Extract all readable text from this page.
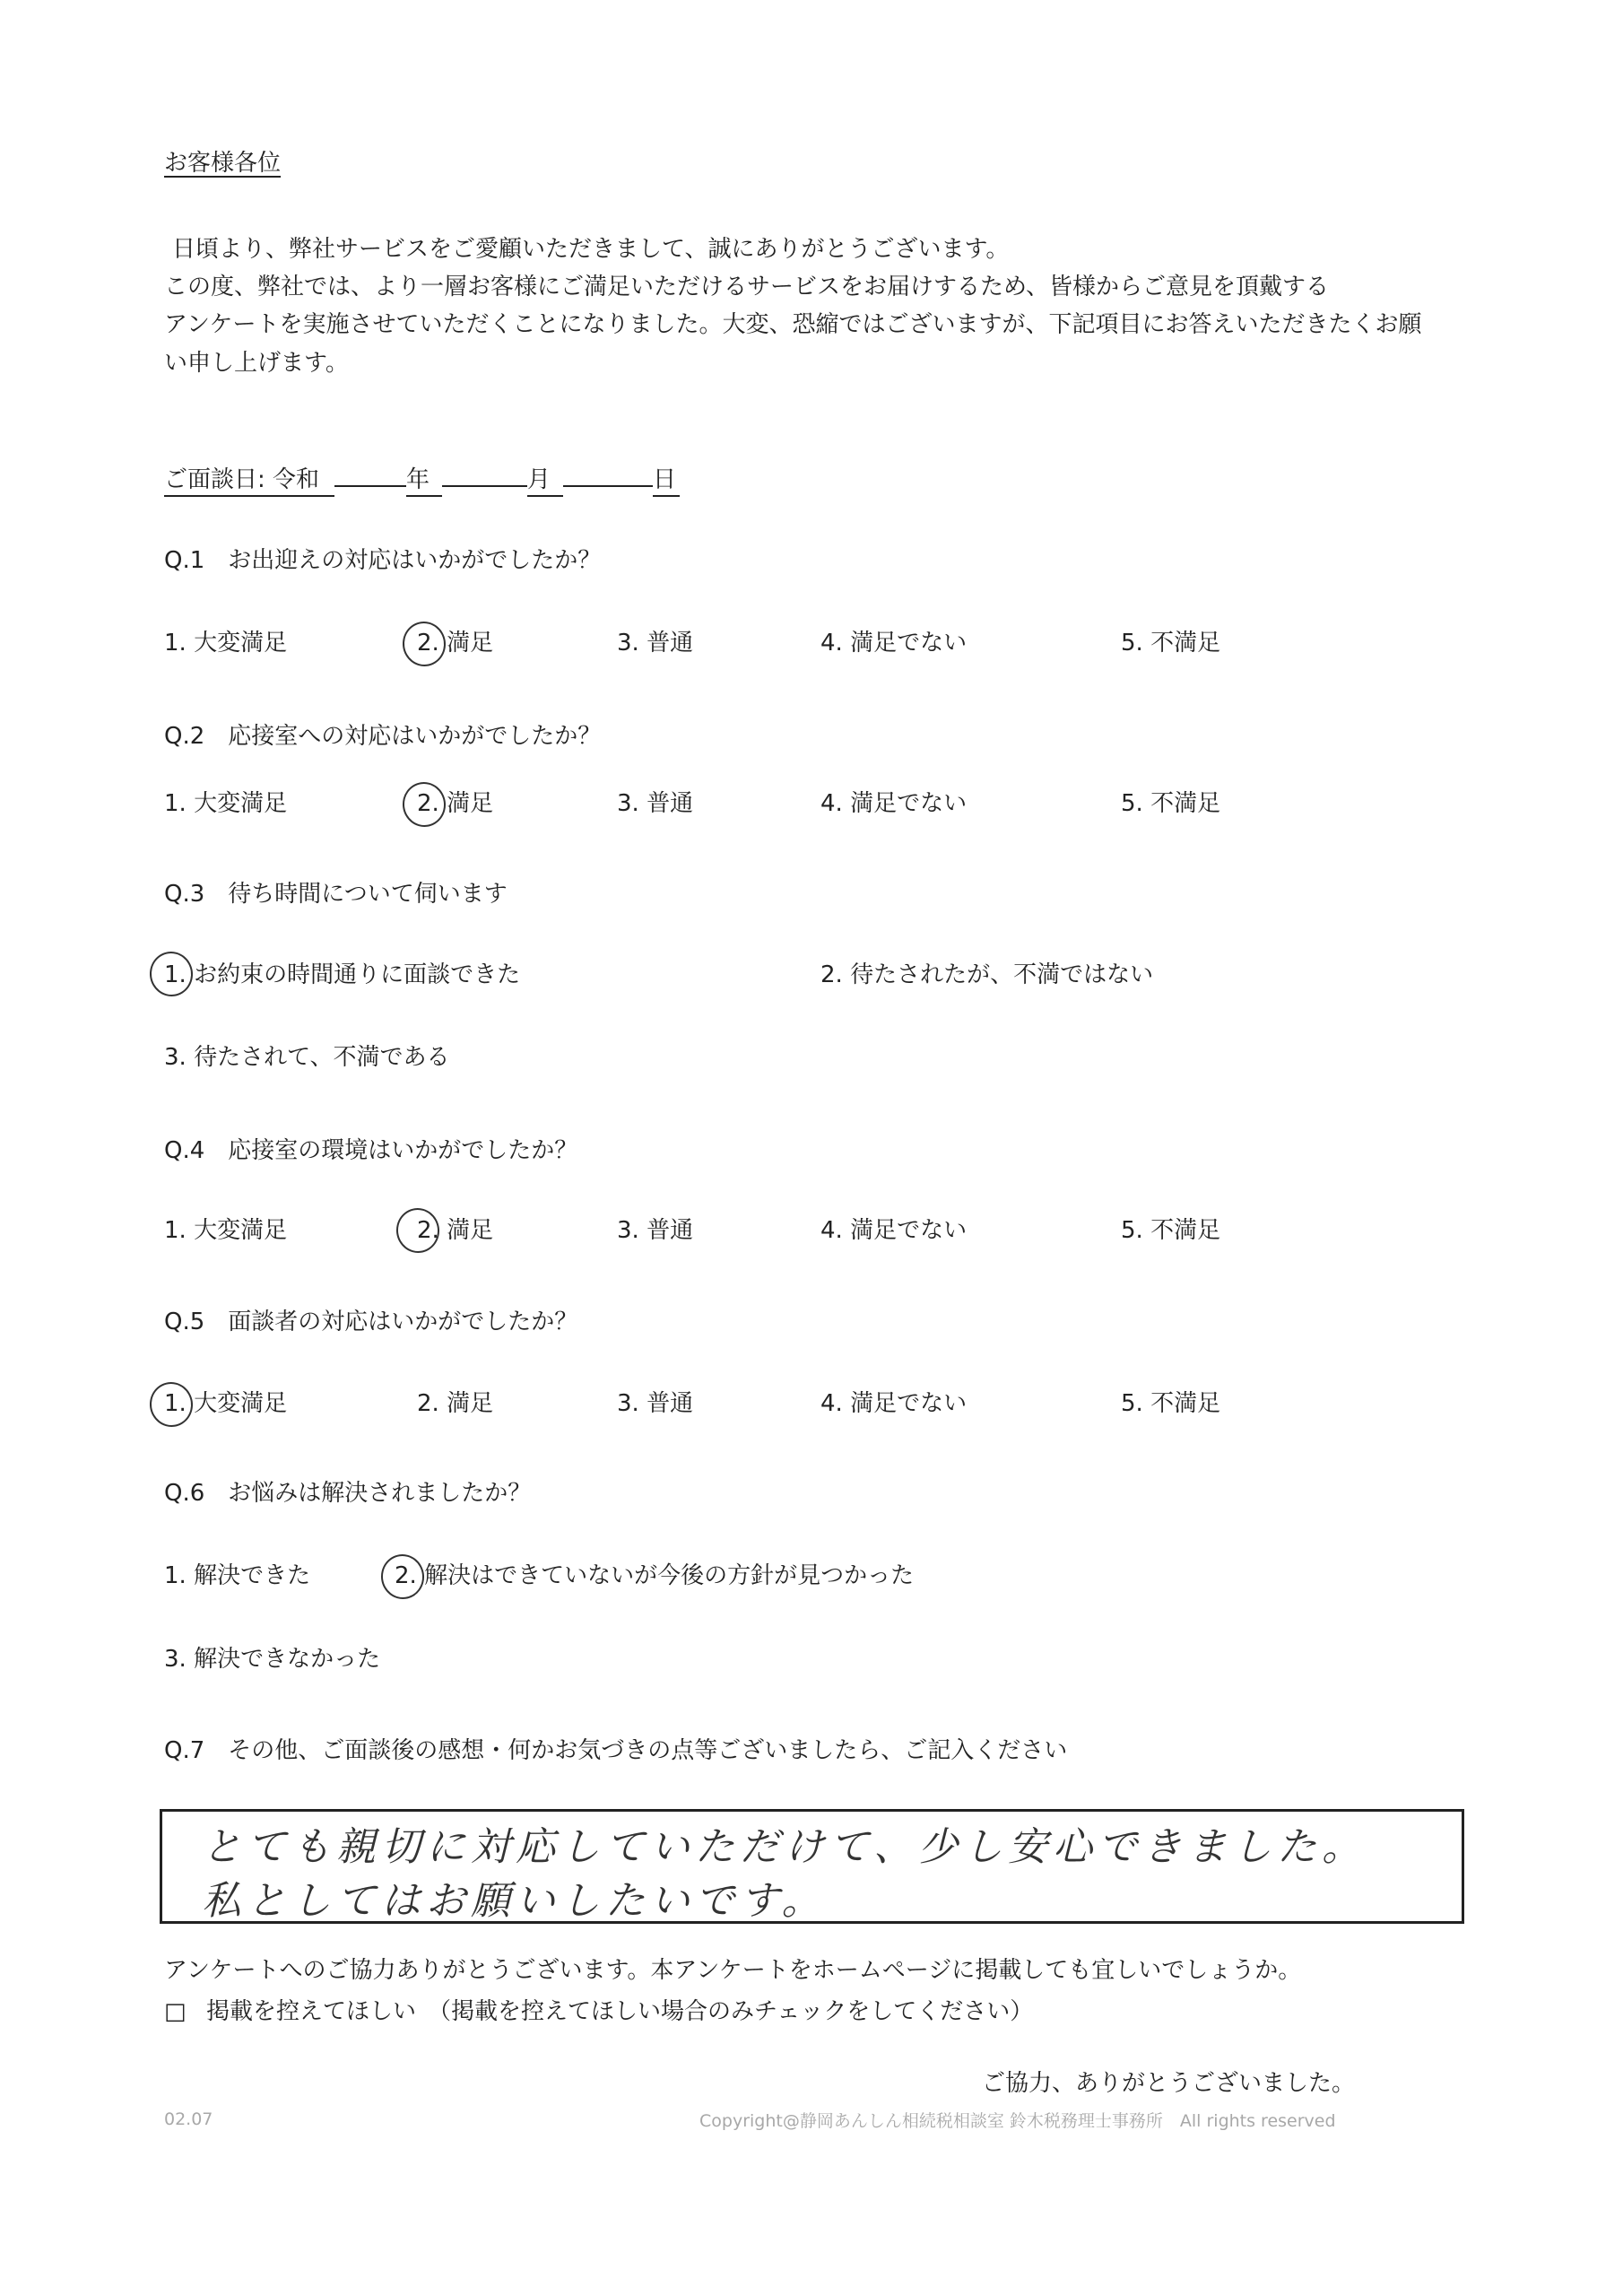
お客様各位
日頃より、弊社サービスをご愛顧いただきまして、誠にありがとうございます。
この度、弊社では、より一層お客様にご満足いただけるサービスをお届けするため、皆様からご意見を頂戴する
アンケートを実施させていただくことになりました。大変、恐縮ではございますが、下記項目にお答えいただきたくお願
い申し上げます。
ご面談日: 令和	年	月	日
Q.1　お出迎えの対応はいかがでしたか？
1. 大変満足	2. 満足	3. 普通	4. 満足でない	5. 不満足
Q.2　応接室への対応はいかがでしたか？
1. 大変満足	2. 満足	3. 普通	4. 満足でない	5. 不満足
Q.3　待ち時間について伺います
1. お約束の時間通りに面談できた	2. 待たされたが、不満ではない
3. 待たされて、不満である
Q.4　応接室の環境はいかがでしたか？
1. 大変満足	2. 満足	3. 普通	4. 満足でない	5. 不満足
Q.5　面談者の対応はいかがでしたか？
1. 大変満足	2. 満足	3. 普通	4. 満足でない	5. 不満足
Q.6　お悩みは解決されましたか？
1. 解決できた	2. 解決はできていないが今後の方針が見つかった
3. 解決できなかった
Q.7　その他、ご面談後の感想・何かお気づきの点等ございましたら、ご記入ください
とても親切に対応していただけて、少し安心できました。
私としてはお願いしたいです。
アンケートへのご協力ありがとうございます。本アンケートをホームページに掲載しても宜しいでしょうか。
□ 掲載を控えてほしい　（掲載を控えてほしい場合のみチェックをしてください）
ご協力、ありがとうございました。
02.07	Copyright@静岡あんしん相続税相談室 鈴木税務理士事務所　All rights reserved
